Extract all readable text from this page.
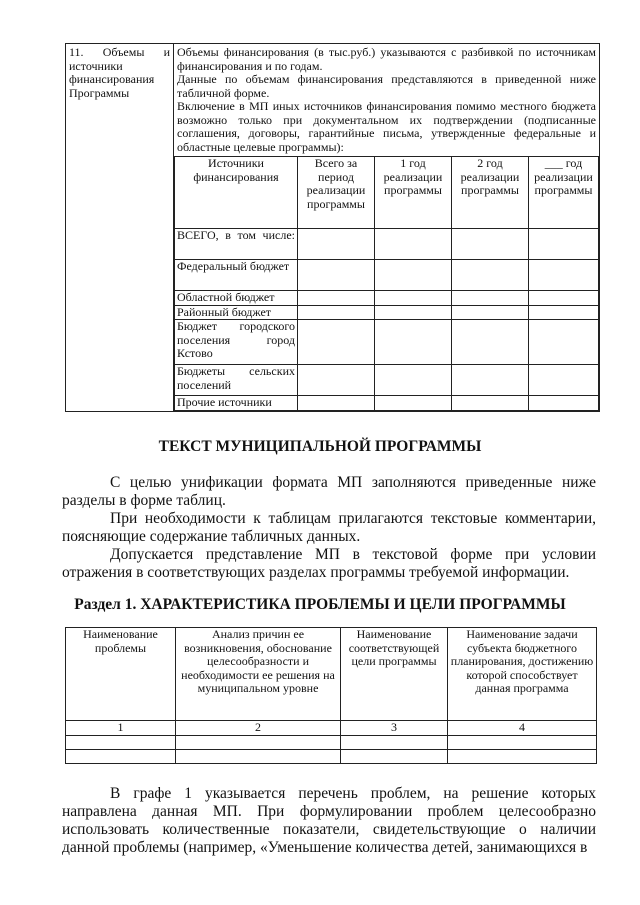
11. Объемы и источники финансирования Программы	

Объемы финансирования (в тыс.руб.) указываются с разбивкой по источникам финансирования и по годам.

Данные по объемам финансирования представляются в приведенной ниже табличной форме.

Включение в МП иных источников финансирования помимо местного бюджета возможно только при документальном их подтверждении (подписанные соглашения, договоры, гарантийные письма, утвержденные федеральные и областные целевые программы):

Источники финансирования	Всего за период реализации программы	1 год реализации программы	2 год реализации программы	___ год реализации программы
ВСЕГО, в том числе:				
Федеральный бюджет				
Областной бюджет				
Районный бюджет				
Бюджет городского поселения город Кстово				
Бюджеты сельских поселений				
Прочие источники				
ТЕКСТ МУНИЦИПАЛЬНОЙ ПРОГРАММЫ

С целью унификации формата МП заполняются приведенные ниже разделы в форме таблиц.

При необходимости к таблицам прилагаются текстовые комментарии, поясняющие содержание табличных данных.

Допускается представление МП в текстовой форме при условии отражения в соответствующих разделах программы требуемой информации.

Раздел 1. ХАРАКТЕРИСТИКА ПРОБЛЕМЫ И ЦЕЛИ ПРОГРАММЫ
Наименование проблемы	Анализ причин ее возникновения, обоснование целесообразности и необходимости ее решения на муниципальном уровне	Наименование соответствующей цели программы	Наименование задачи субъекта бюджетного планирования, достижению которой способствует данная программа
1	2	3	4

В графе 1 указывается перечень проблем, на решение которых направлена данная МП. При формулировании проблем целесообразно использовать количественные показатели, свидетельствующие о наличии данной проблемы (например, «Уменьшение количества детей, занимающихся в
